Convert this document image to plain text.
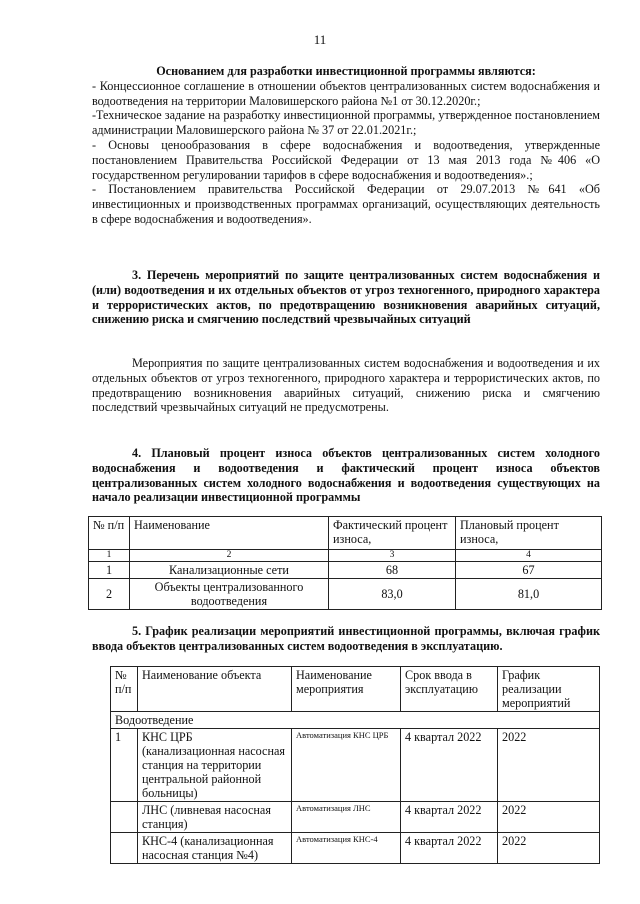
11

Основанием для разработки инвестиционной программы являются:

- Концессионное соглашение в отношении объектов централизованных систем водоснабжения и водоотведения на территории Маловишерского района №1 от 30.12.2020г.;

-Техническое задание на разработку инвестиционной программы, утвержденное постановлением администрации Маловишерского района № 37 от 22.01.2021г.;

- Основы ценообразования в сфере водоснабжения и водоотведения, утвержденные постановлением Правительства Российской Федерации от 13 мая 2013 года №406 «О государственном регулировании тарифов в сфере водоснабжения и водоотведения».;

- Постановлением правительства Российской Федерации от 29.07.2013 №641 «Об инвестиционных и производственных программах организаций, осуществляющих деятельность в сфере водоснабжения и водоотведения».

3. Перечень мероприятий по защите централизованных систем водоснабжения и (или) водоотведения и их отдельных объектов от угроз техногенного, природного характера и террористических актов, по предотвращению возникновения аварийных ситуаций, снижению риска и смягчению последствий чрезвычайных ситуаций

Мероприятия по защите централизованных систем водоснабжения и водоотведения и их отдельных объектов от угроз техногенного, природного характера и террористических актов, по предотвращению возникновения аварийных ситуаций, снижению риска и смягчению последствий чрезвычайных ситуаций не предусмотрены.

4. Плановый процент износа объектов централизованных систем холодного водоснабжения и водоотведения и фактический процент износа объектов централизованных систем холодного водоснабжения и водоотведения существующих на начало реализации инвестиционной программы

№ п/п	Наименование	Фактический процент износа,	Плановый процент износа,
1	2	3	4
1	Канализационные сети	68	67
2	Объекты централизованного водоотведения	83,0	81,0

5. График реализации мероприятий инвестиционной программы, включая график ввода объектов централизованных систем водоотведения в эксплуатацию.

№ п/п	Наименование объекта	Наименование мероприятия	Срок ввода в эксплуатацию	График реализации мероприятий
Водоотведение				
1	КНС ЦРБ (канализационная насосная станция на территории центральной районной больницы)	Автоматизация КНС ЦРБ	4 квартал 2022	2022
	ЛНС (ливневая насосная станция)	Автоматизация ЛНС	4 квартал 2022	2022
	КНС-4 (канализационная насосная станция №4)	Автоматизация КНС-4	4 квартал 2022	2022
